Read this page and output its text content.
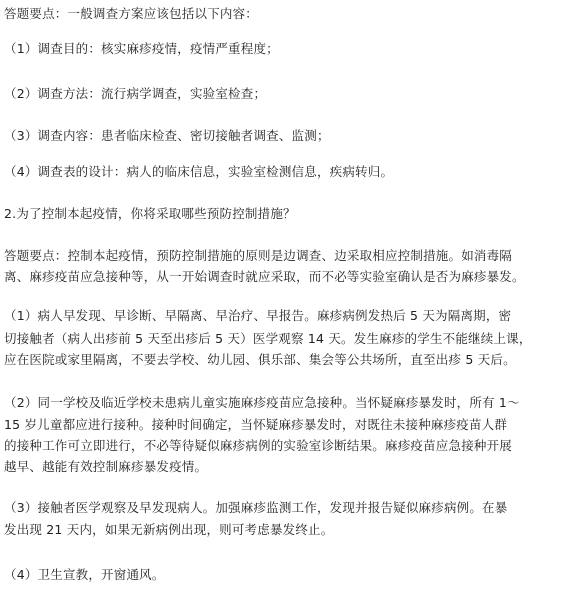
答题要点：一般调查方案应该包括以下内容：
（1）调查目的：核实麻疹疫情，疫情严重程度；
（2）调查方法：流行病学调查，实验室检查；
（3）调查内容：患者临床检查、密切接触者调查、监测；
（4）调查表的设计：病人的临床信息，实验室检测信息，疾病转归。
2.为了控制本起疫情，你将采取哪些预防控制措施？
答题要点：控制本起疫情，预防控制措施的原则是边调查、边采取相应控制措施。如消毒隔
离、麻疹疫苗应急接种等，从一开始调查时就应采取，而不必等实验室确认是否为麻疹暴发。
（1）病人早发现、早诊断、早隔离、早治疗、早报告。麻疹病例发热后 5 天为隔离期，密
切接触者（病人出疹前 5 天至出疹后 5 天）医学观察 14 天。发生麻疹的学生不能继续上课，
应在医院或家里隔离，不要去学校、幼儿园、俱乐部、集会等公共场所，直至出疹 5 天后。
（2）同一学校及临近学校未患病儿童实施麻疹疫苗应急接种。当怀疑麻疹暴发时，所有 1～
15 岁儿童都应进行接种。接种时间确定，当怀疑麻疹暴发时，对既往未接种麻疹疫苗人群
的接种工作可立即进行，不必等待疑似麻疹病例的实验室诊断结果。麻疹疫苗应急接种开展
越早、越能有效控制麻疹暴发疫情。
（3）接触者医学观察及早发现病人。加强麻疹监测工作，发现并报告疑似麻疹病例。在暴
发出现 21 天内，如果无新病例出现，则可考虑暴发终止。
（4）卫生宣教，开窗通风。
